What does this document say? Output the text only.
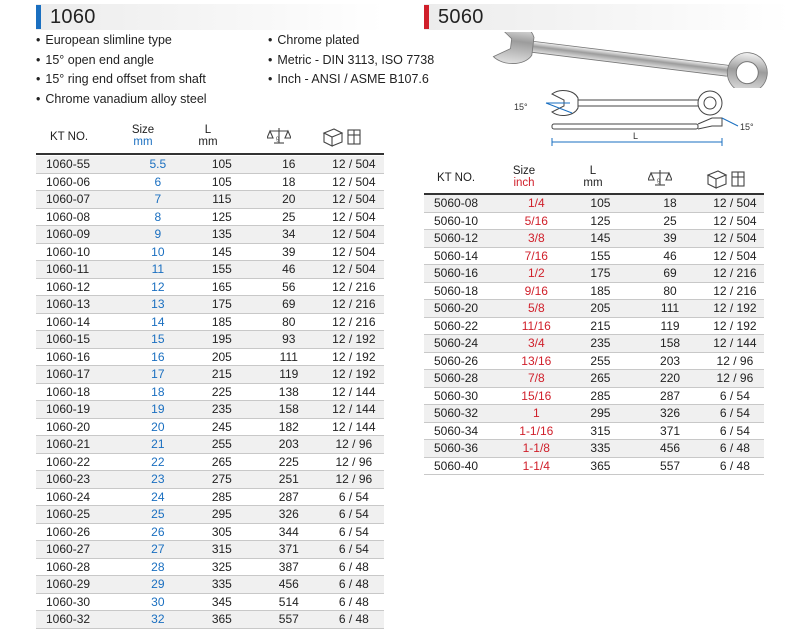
1060	5060
• European slimline type
• 15° open end angle
• 15° ring end offset from shaft
• Chrome vanadium alloy steel
• Chrome plated
• Metric - DIN 3113, ISO 7738
• Inch - ANSI / ASME B107.6
15°
15°
L
KT NO.
Size
mm
L
mm	g
1060-55	5.5	105	16	12 / 504
1060-06	6	105	18	12 / 504
1060-07	7	115	20	12 / 504
1060-08	8	125	25	12 / 504
1060-09	9	135	34	12 / 504
1060-10	10	145	39	12 / 504
1060-11	11	155	46	12 / 504
1060-12	12	165	56	12 / 216
1060-13	13	175	69	12 / 216
1060-14	14	185	80	12 / 216
1060-15	15	195	93	12 / 192
1060-16	16	205	111	12 / 192
1060-17	17	215	119	12 / 192
1060-18	18	225	138	12 / 144
1060-19	19	235	158	12 / 144
1060-20	20	245	182	12 / 144
1060-21	21	255	203	12 / 96
1060-22	22	265	225	12 / 96
1060-23	23	275	251	12 / 96
1060-24	24	285	287	6 / 54
1060-25	25	295	326	6 / 54
1060-26	26	305	344	6 / 54
1060-27	27	315	371	6 / 54
1060-28	28	325	387	6 / 48
1060-29	29	335	456	6 / 48
1060-30	30	345	514	6 / 48
1060-32	32	365	557	6 / 48
KT NO.
Size
inch
L
mm	g
5060-08	1/4	105	18	12 / 504
5060-10	5/16	125	25	12 / 504
5060-12	3/8	145	39	12 / 504
5060-14	7/16	155	46	12 / 504
5060-16	1/2	175	69	12 / 216
5060-18	9/16	185	80	12 / 216
5060-20	5/8	205	111	12 / 192
5060-22	11/16	215	119	12 / 192
5060-24	3/4	235	158	12 / 144
5060-26	13/16	255	203	12 / 96
5060-28	7/8	265	220	12 / 96
5060-30	15/16	285	287	6 / 54
5060-32	1	295	326	6 / 54
5060-34	1-1/16	315	371	6 / 54
5060-36	1-1/8	335	456	6 / 48
5060-40	1-1/4	365	557	6 / 48
